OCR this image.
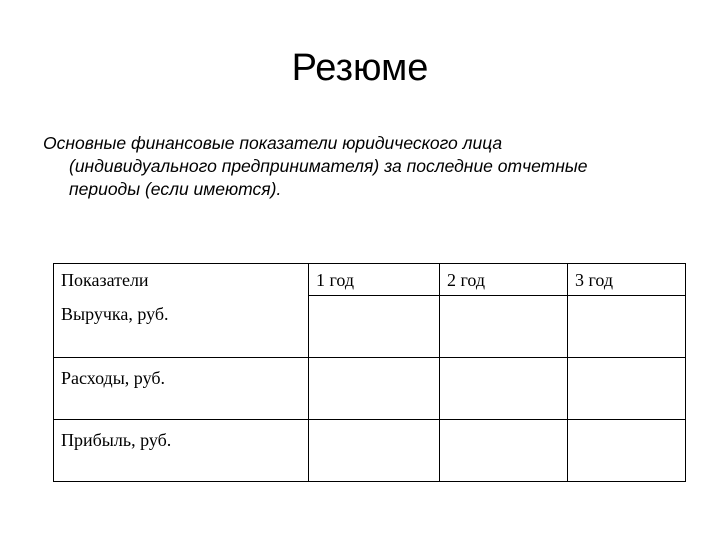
Резюме

Основные финансовые показатели юридического лица
(индивидуального предпринимателя) за последние отчетные
периоды (если имеются).

Показатели	1 год	2 год	3 год
Выручка, руб.			
Расходы, руб.			
Прибыль, руб.			
